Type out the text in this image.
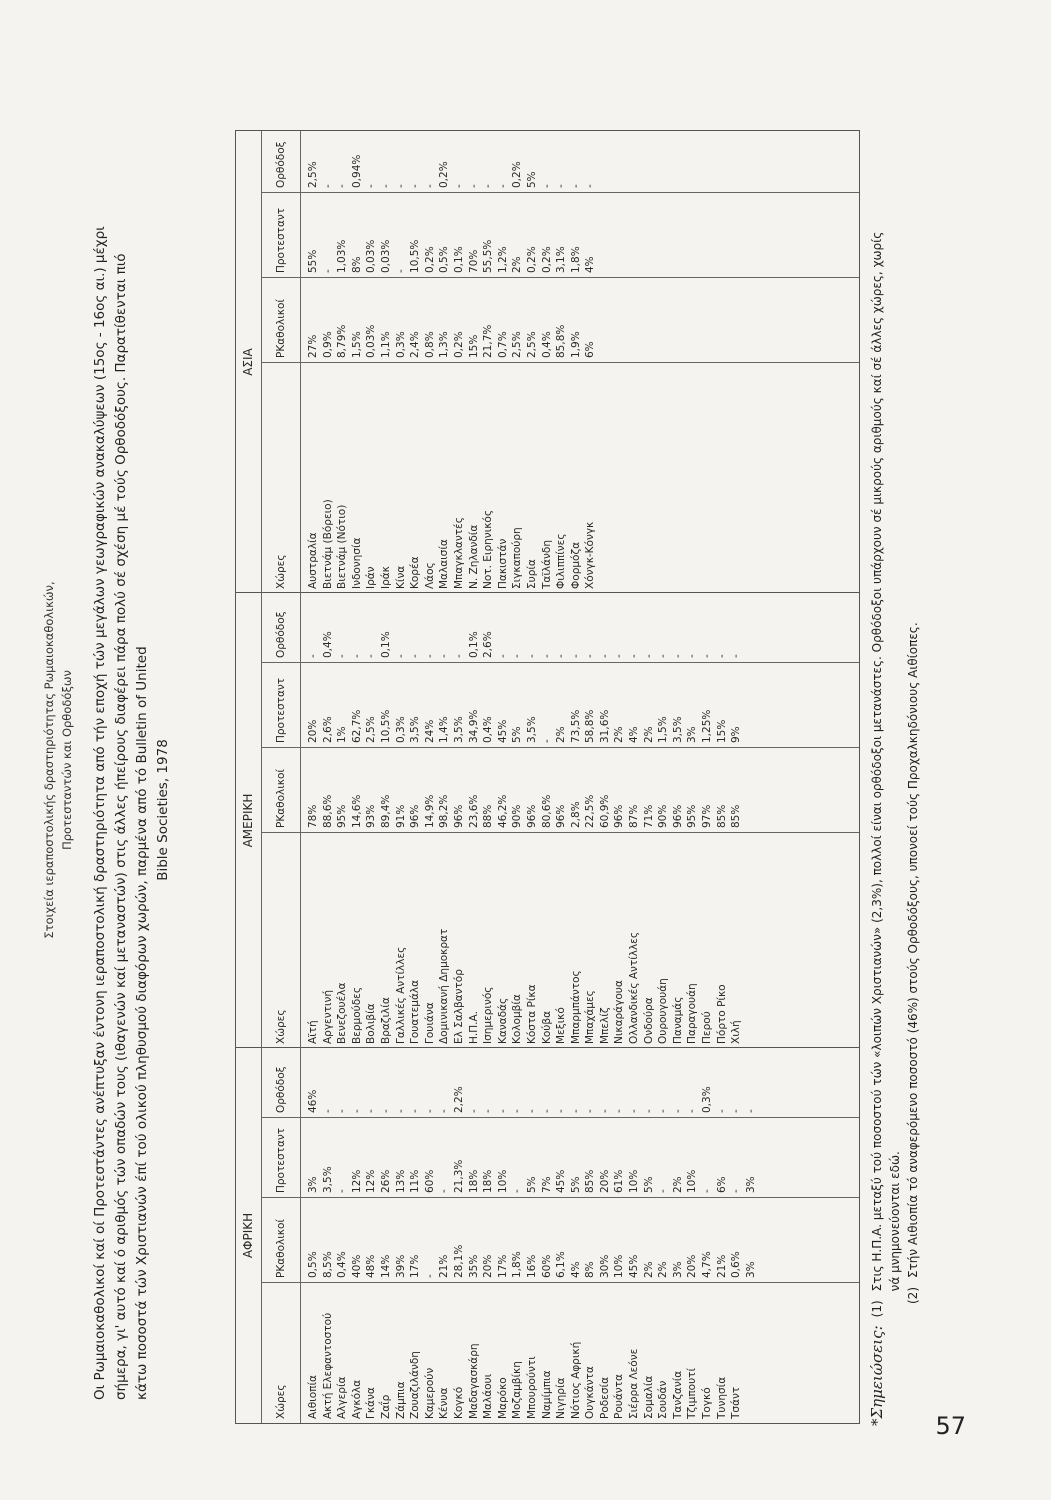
Στοιχεία ιεραποστολικής δραστηριότητας Ρωμαιοκαθολικών, Προτεσταντών και Ορθοδόξων Οι Ρωμαιοκαθολικοί καί οί Προτεστάντες ανέπτυξαν έντονη ιεραποστολική δραστηριότητα από τήν εποχή τών μεγάλων γεωγραφικών ανακαλύψεων (15ος - 16ος αι.) μέχρι σήμερα, γι' αυτό καί ό αριθμός τών οπαδών τους (ιθαγενών καί μεταναστών) στις άλλες ήπείρους διαφέρει πάρα πολύ σέ σχέση μέ τούς Ορθοδόξους. Παρατίθενται πιό κάτω ποσοστά τών Χριστιανών έπί τού ολικού πληθυσμού διαφόρων χωρών, παρμένα από τό Bulletin of United Bible Societies, 1978
ΑΦΡΙΚΗ
Χώρες
ΡΚαθολικοί
Προτεσταντ
Ορθόδοξ
Αιθιοπία Ακτή Ελεφαντοστού Αλγερία Αγκόλα Γκάνα Ζαΐρ Ζάμπια Ζουαζιλάνδη Καμερούν Κένυα Κογκό Μαδαγασκάρη Μαλάουι Μαρόκο Μοζαμβίκη Μπουρούντι Ναμίμπια Νιγηρία Νότιος Αφρική Ουγκάντα Ροδεσία Ρουάντα Σιέρρα Λεόνε Σομαλία Σουδάν Τανζανία Τζιμπουτί Τογκό Τυνησία Τσάντ
0,5% 8,5% 0,4% 40% 48% 14% 39% 17% - 21% 28,1% 35% 20% 17% 1,8% 16% 60% 6,1% 4% 8% 30% 10% 45% 2% 2% 3% 20% 4,7% 21% 0,6% 3%
3% 3,5% - 12% 12% 26% 13% 11% 60% - 21,3% 18% 18% 10% - 5% 7% 45% 5% 85% 20% 61% 10% 5% - 2% 10% - 6% - 3%
46% - - - - - - - - - 2,2% - - - - - - - - - - - - - - - - 0,3% - - -
ΑΜΕΡΙΚΗ
Χώρες
ΡΚαθολικοί
Προτεσταντ
Ορθόδοξ
Αϊτή Αργεντινή Βενεζουέλα Βερμούδες Βολιβία Βραζιλία Γαλλικές Αντίλλες Γουατεμάλα Γουιάνα Δομινικανή Δημοκρατ Ελ Σαλβαντόρ Η.Π.Α. Ισημερινός Καναδάς Κολομβία Κόστα Ρίκα Κούβα Μεξικό Μπαρμπάντος Μπαχάμες Μπελίζ Νικαράγουα Ολλανδικές Αντίλλες Ονδούρα Ουρουγουάη Παναμάς Παραγουάη Περού Πόρτο Ρίκο Χιλή
78% 88,6% 95% 14,6% 93% 89,4% 91% 96% 14,9% 98,2% 96% 23,6% 88% 46,2% 90% 96% 80,6% 96% 2,8% 22,5% 60,9% 96% 87% 71% 90% 96% 95% 97% 85% 85%
20% 2,6% 1% 62,7% 2,5% 10,5% 0,3% 3,5% 24% 1,4% 3,5% 34,9% 0,4% 45% 5% 3,5% - 2% 73,5% 58,8% 31,6% 2% 4% 2% 1,5% 3,5% 3% 1,25% 15% 9%
- 0,4% - - - 0,1% - - - - - 0,1% 2,6% - - - - - - - - - - - - - - - - -
ΑΣΙΑ
Χώρες
ΡΚαθολικοί
Προτεσταντ
Ορθόδοξ
Αυστραλία Βιετνάμ (Βόρειο) Βιετνάμ (Νότιο) Ινδονησία Ιράν Ιράκ Κίνα Κορέα Λάος Μαλαισία Μπαγκλαντές Ν. Ζηλανδία Νοτ. Ειρηνικός Πακιστάν Σιγκαπούρη Συρία Ταϊλάνδη Φιλιππίνες Φορμόζα Χόνγκ-Κόνγκ
27% 0,9% 8,79% 1,5% 0,03% 1,1% 0,3% 2,4% 0,8% 1,3% 0,2% 15% 21,7% 0,7% 2,5% 2,5% 0,4% 85,8% 1,9% 6%
55% - 1,03% 8% 0,03% 0,03% - 10,5% 0,2% 0,5% 0,1% 70% 55,5% 1,2% 2% 0,2% 0,2% 3,1% 1,8% 4%
2,5% - - 0,94% - - - - - 0,2% - - - - 0,2% 5% - - - -
*Σημειώσεις:
(1)
Στις Η.Π.Α. μεταξύ τού ποσοστού τών «λοιπών Χριστιανών» (2,3%), πολλοί είναι ορθόδοξοι μετανάστες. Ορθόδοξοι υπάρχουν σέ μικρούς αριθμούς καί σέ άλλες χώρες, χωρίς νά μνημονεύονται εδώ.
(2)
Στήν Αιθιοπία τό αναφερόμενο ποσοστό (46%) στούς Ορθοδόξους, υπονοεί τούς Προχαλκηδόνιους Αιθίοπες.
57
